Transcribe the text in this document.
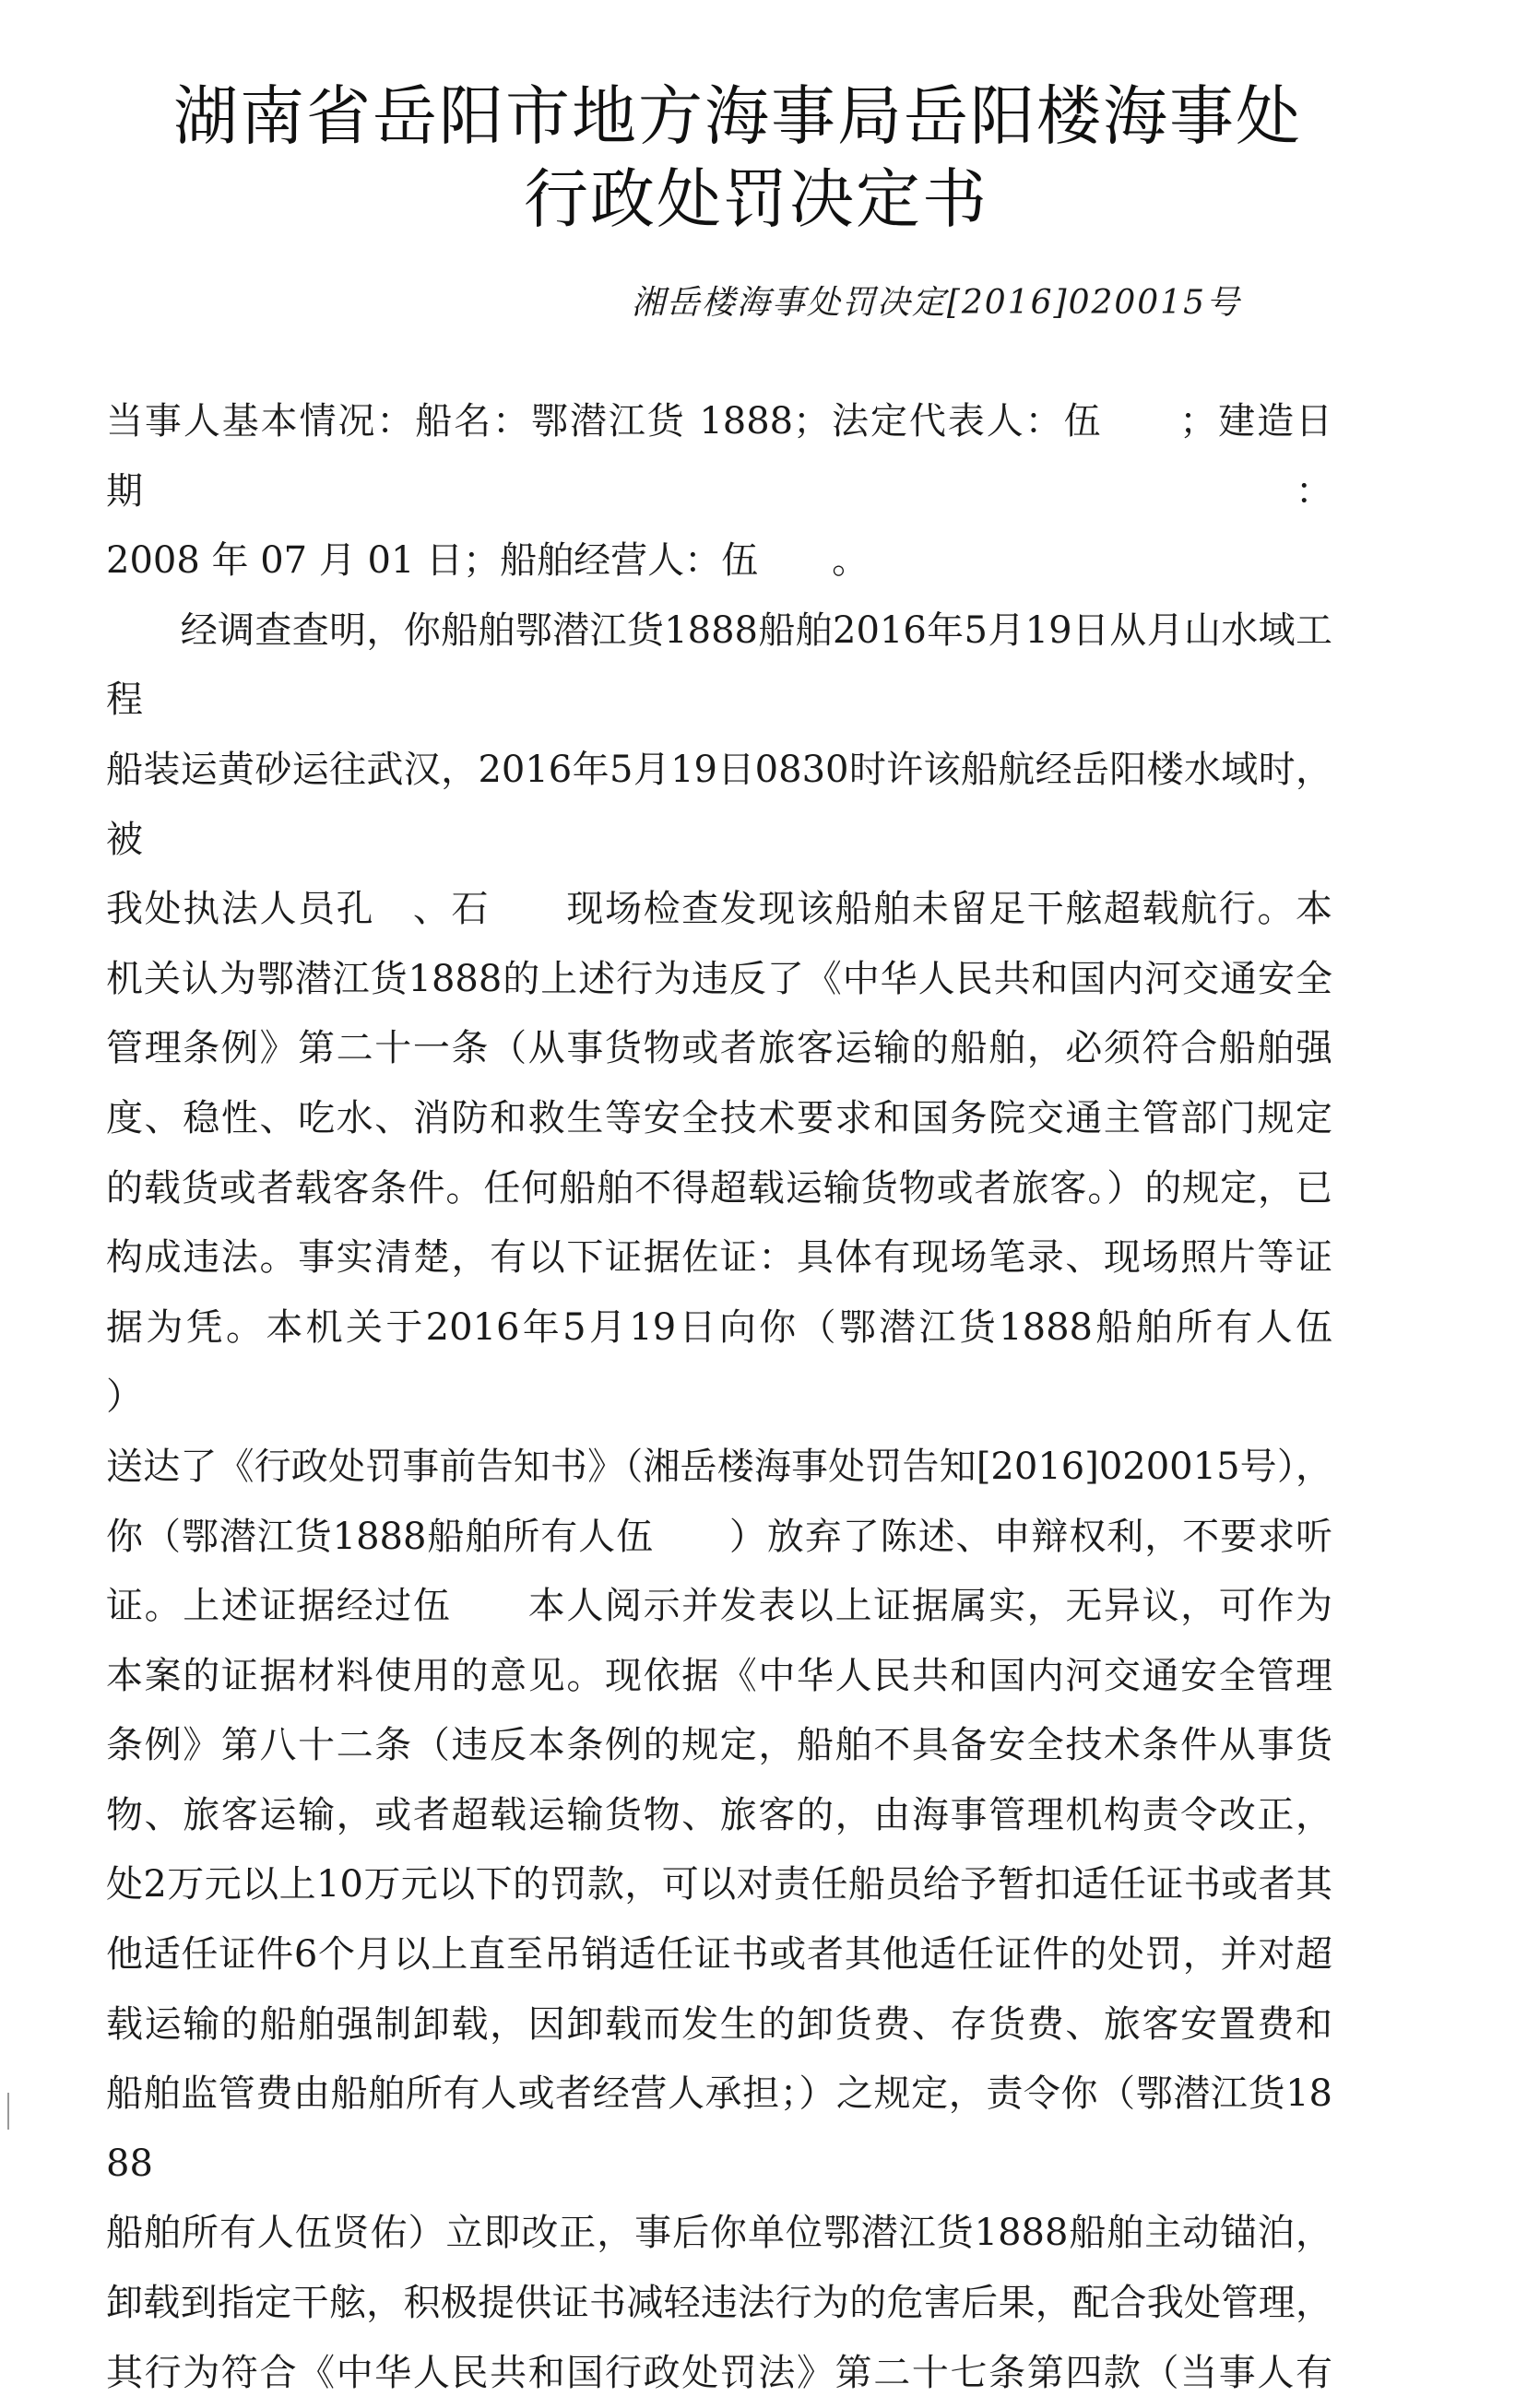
湖南省岳阳市地方海事局岳阳楼海事处
行政处罚决定书
湘岳楼海事处罚决定[2016]020015号
当事人基本情况：船名：鄂潜江货 1888；法定代表人：伍　　；建造日期：
2008 年 07 月 01 日；船舶经营人：伍　　。
　　经调查查明，你船舶鄂潜江货1888船舶2016年5月19日从月山水域工程
船装运黄砂运往武汉，2016年5月19日0830时许该船航经岳阳楼水域时，被
我处执法人员孔　、石　　现场检查发现该船舶未留足干舷超载航行。本
机关认为鄂潜江货1888的上述行为违反了《中华人民共和国内河交通安全
管理条例》第二十一条（从事货物或者旅客运输的船舶，必须符合船舶强
度、稳性、吃水、消防和救生等安全技术要求和国务院交通主管部门规定
的载货或者载客条件。任何船舶不得超载运输货物或者旅客。）的规定，已
构成违法。事实清楚，有以下证据佐证：具体有现场笔录、现场照片等证
据为凭。本机关于2016年5月19日向你（鄂潜江货1888船舶所有人伍　　）
送达了《行政处罚事前告知书》（湘岳楼海事处罚告知[2016]020015号），
你（鄂潜江货1888船舶所有人伍　　）放弃了陈述、申辩权利，不要求听
证。上述证据经过伍　　本人阅示并发表以上证据属实，无异议，可作为
本案的证据材料使用的意见。现依据《中华人民共和国内河交通安全管理
条例》第八十二条（违反本条例的规定，船舶不具备安全技术条件从事货
物、旅客运输，或者超载运输货物、旅客的，由海事管理机构责令改正，
处2万元以上10万元以下的罚款，可以对责任船员给予暂扣适任证书或者其
他适任证件6个月以上直至吊销适任证书或者其他适任证件的处罚，并对超
载运输的船舶强制卸载，因卸载而发生的卸货费、存货费、旅客安置费和
船舶监管费由船舶所有人或者经营人承担；）之规定，责令你（鄂潜江货1888
船舶所有人伍贤佑）立即改正，事后你单位鄂潜江货1888船舶主动锚泊，
卸载到指定干舷，积极提供证书减轻违法行为的危害后果，配合我处管理，
其行为符合《中华人民共和国行政处罚法》第二十七条第四款（当事人有
